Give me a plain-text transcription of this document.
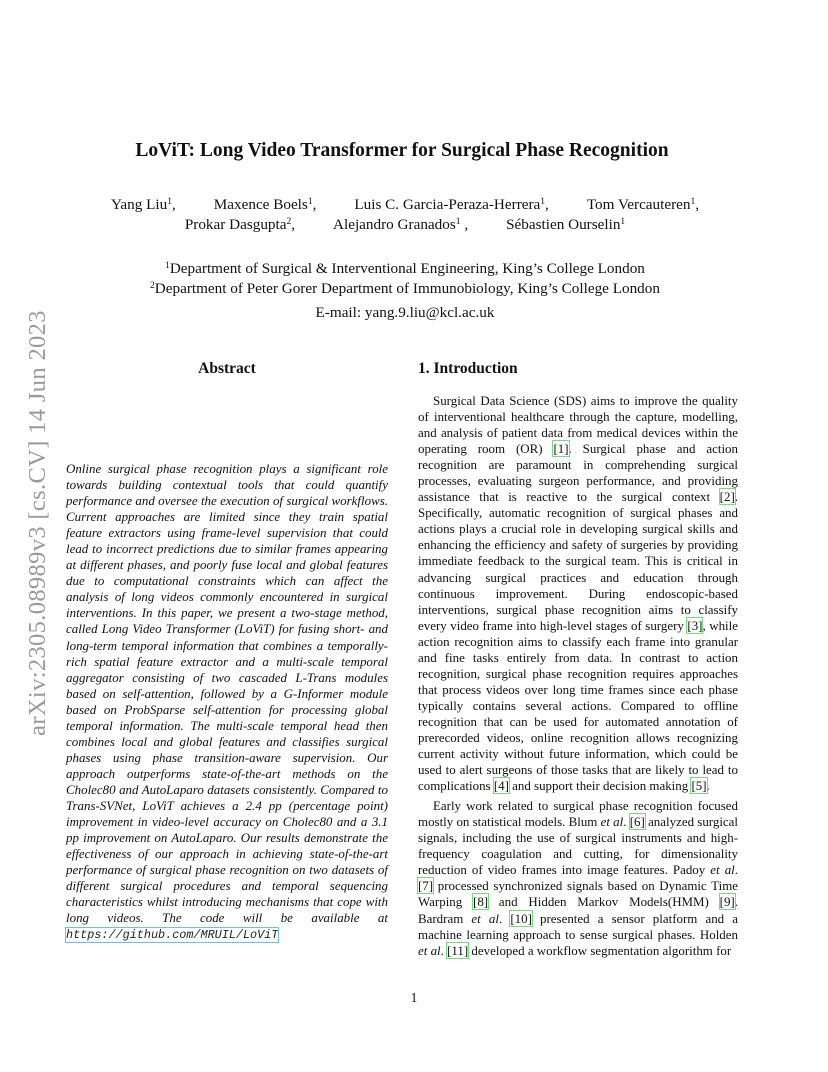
arXiv:2305.08989v3 [cs.CV] 14 Jun 2023
LoViT: Long Video Transformer for Surgical Phase Recognition
Yang Liu$^1$,	Maxence Boels$^1$,	Luis C. Garcia-Peraza-Herrera$^1$,	Tom Vercauteren$^1$,
Prokar Dasgupta$^2$,	Alejandro Granados$^1$ ,	Sébastien Ourselin$^1$
$^1$Department of Surgical & Interventional Engineering, King’s College London
$^2$Department of Peter Gorer Department of Immunobiology, King’s College London
E-mail: yang.9.liu@kcl.ac.uk
Abstract

Online surgical phase recognition plays a significant role towards building contextual tools that could quantify performance and oversee the execution of surgical workflows. Current approaches are limited since they train spatial feature extractors using frame-level supervision that could lead to incorrect predictions due to similar frames appearing at different phases, and poorly fuse local and global features due to computational constraints which can affect the analysis of long videos commonly encountered in surgical interventions. In this paper, we present a two-stage method, called Long Video Transformer (LoViT) for fusing short- and long-term temporal information that combines a temporally-rich spatial feature extractor and a multi-scale temporal aggregator consisting of two cascaded L-Trans modules based on self-attention, followed by a G-Informer module based on ProbSparse self-attention for processing global temporal information. The multi-scale temporal head then combines local and global features and classifies surgical phases using phase transition-aware supervision. Our approach outperforms state-of-the-art methods on the Cholec80 and AutoLaparo datasets consistently. Compared to Trans-SVNet, LoViT achieves a 2.4 pp (percentage point) improvement in video-level accuracy on Cholec80 and a 3.1 pp improvement on AutoLaparo. Our results demonstrate the effectiveness of our approach in achieving state-of-the-art performance of surgical phase recognition on two datasets of different surgical procedures and temporal sequencing characteristics whilst introducing mechanisms that cope with long videos. The code will be available at https://github.com/MRUIL/LoViT

1. Introduction

Surgical Data Science (SDS) aims to improve the quality of interventional healthcare through the capture, modelling, and analysis of patient data from medical devices within the operating room (OR) [1]. Surgical phase and action recognition are paramount in comprehending surgical processes, evaluating surgeon performance, and providing assistance that is reactive to the surgical context [2]. Specifically, automatic recognition of surgical phases and actions plays a crucial role in developing surgical skills and enhancing the efficiency and safety of surgeries by providing immediate feedback to the surgical team. This is critical in advancing surgical practices and education through continuous improvement. During endoscopic-based interventions, surgical phase recognition aims to classify every video frame into high-level stages of surgery [3], while action recognition aims to classify each frame into granular and fine tasks entirely from data. In contrast to action recognition, surgical phase recognition requires approaches that process videos over long time frames since each phase typically contains several actions. Compared to offline recognition that can be used for automated annotation of prerecorded videos, online recognition allows recognizing current activity without future information, which could be used to alert surgeons of those tasks that are likely to lead to complications [4] and support their decision making [5].

Early work related to surgical phase recognition focused mostly on statistical models. Blum et al. [6] analyzed surgical signals, including the use of surgical instruments and high-frequency coagulation and cutting, for dimensionality reduction of video frames into image features. Padoy et al. [7] processed synchronized signals based on Dynamic Time Warping [8] and Hidden Markov Models(HMM) [9]. Bardram et al. [10] presented a sensor platform and a machine learning approach to sense surgical phases. Holden et al. [11] developed a workflow segmentation algorithm for

1
